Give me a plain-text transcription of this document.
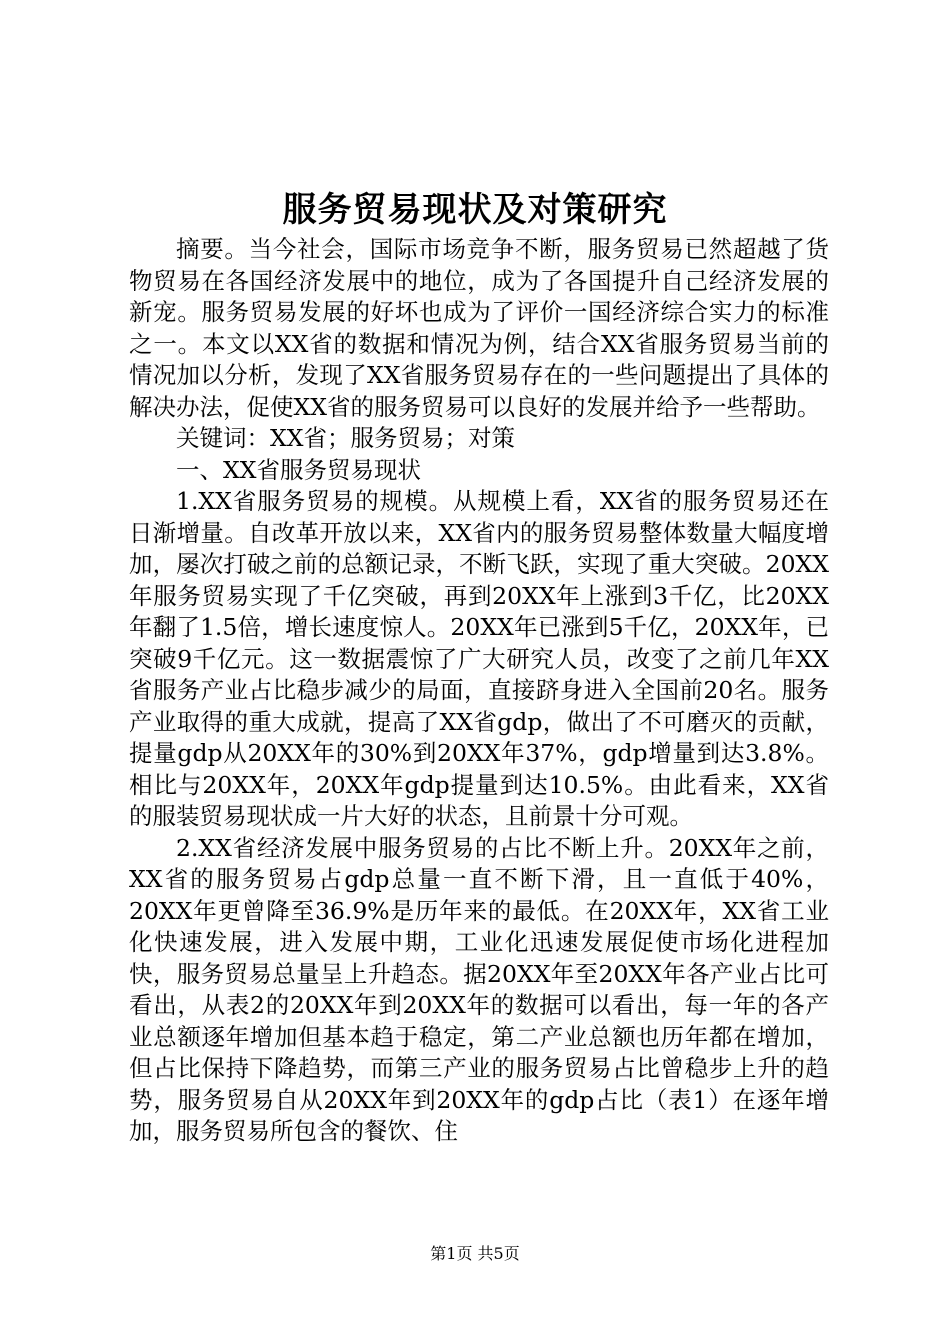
服务贸易现状及对策研究

摘要。当今社会，国际市场竞争不断，服务贸易已然超越了货物贸易在各国经济发展中的地位，成为了各国提升自己经济发展的新宠。服务贸易发展的好坏也成为了评价一国经济综合实力的标准之一。本文以XX省的数据和情况为例，结合XX省服务贸易当前的情况加以分析，发现了XX省服务贸易存在的一些问题提出了具体的解决办法，促使XX省的服务贸易可以良好的发展并给予一些帮助。

关键词：XX省；服务贸易；对策

一、XX省服务贸易现状

1.XX省服务贸易的规模。从规模上看，XX省的服务贸易还在日渐增量。自改革开放以来，XX省内的服务贸易整体数量大幅度增加，屡次打破之前的总额记录，不断飞跃，实现了重大突破。20XX年服务贸易实现了千亿突破，再到20XX年上涨到3千亿，比20XX年翻了1.5倍，增长速度惊人。20XX年已涨到5千亿，20XX年，已突破9千亿元。这一数据震惊了广大研究人员，改变了之前几年XX省服务产业占比稳步减少的局面，直接跻身进入全国前20名。服务产业取得的重大成就，提高了XX省gdp，做出了不可磨灭的贡献，提量gdp从20XX年的30%到20XX年37%，gdp增量到达3.8%。相比与20XX年，20XX年gdp提量到达10.5%。由此看来，XX省的服装贸易现状成一片大好的状态，且前景十分可观。

2.XX省经济发展中服务贸易的占比不断上升。20XX年之前，XX省的服务贸易占gdp总量一直不断下滑，且一直低于40%，20XX年更曾降至36.9%是历年来的最低。在20XX年，XX省工业化快速发展，进入发展中期，工业化迅速发展促使市场化进程加快，服务贸易总量呈上升趋态。据20XX年至20XX年各产业占比可看出，从表2的20XX年到20XX年的数据可以看出，每一年的各产业总额逐年增加但基本趋于稳定，第二产业总额也历年都在增加，但占比保持下降趋势，而第三产业的服务贸易占比曾稳步上升的趋势，服务贸易自从20XX年到20XX年的gdp占比（表1）在逐年增加，服务贸易所包含的餐饮、住

第1页 共5页
